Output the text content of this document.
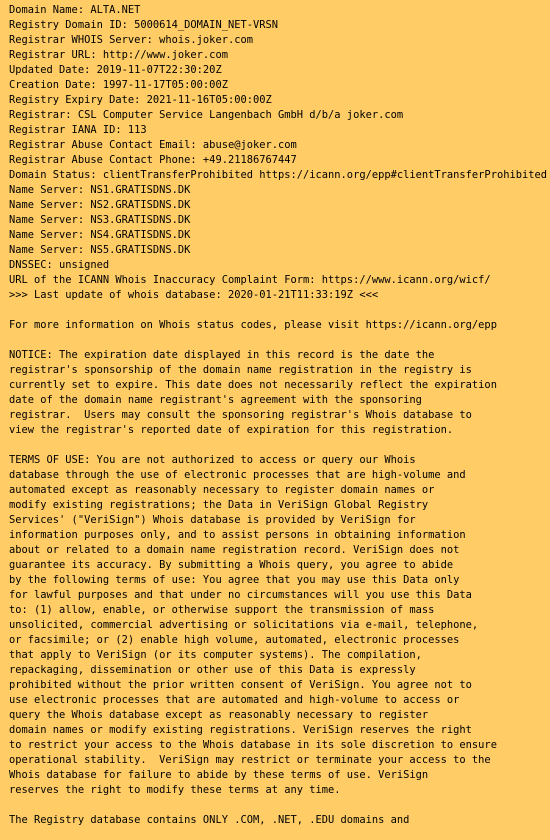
Domain Name: ALTA.NET
Registry Domain ID: 5000614_DOMAIN_NET-VRSN
Registrar WHOIS Server: whois.joker.com
Registrar URL: http://www.joker.com
Updated Date: 2019-11-07T22:30:20Z
Creation Date: 1997-11-17T05:00:00Z
Registry Expiry Date: 2021-11-16T05:00:00Z
Registrar: CSL Computer Service Langenbach GmbH d/b/a joker.com
Registrar IANA ID: 113
Registrar Abuse Contact Email: abuse@joker.com
Registrar Abuse Contact Phone: +49.21186767447
Domain Status: clientTransferProhibited https://icann.org/epp#clientTransferProhibited
Name Server: NS1.GRATISDNS.DK
Name Server: NS2.GRATISDNS.DK
Name Server: NS3.GRATISDNS.DK
Name Server: NS4.GRATISDNS.DK
Name Server: NS5.GRATISDNS.DK
DNSSEC: unsigned
URL of the ICANN Whois Inaccuracy Complaint Form: https://www.icann.org/wicf/
>>> Last update of whois database: 2020-01-21T11:33:19Z <<<
For more information on Whois status codes, please visit https://icann.org/epp
NOTICE: The expiration date displayed in this record is the date the
registrar's sponsorship of the domain name registration in the registry is
currently set to expire. This date does not necessarily reflect the expiration
date of the domain name registrant's agreement with the sponsoring
registrar.  Users may consult the sponsoring registrar's Whois database to
view the registrar's reported date of expiration for this registration.
TERMS OF USE: You are not authorized to access or query our Whois
database through the use of electronic processes that are high-volume and
automated except as reasonably necessary to register domain names or
modify existing registrations; the Data in VeriSign Global Registry
Services' ("VeriSign") Whois database is provided by VeriSign for
information purposes only, and to assist persons in obtaining information
about or related to a domain name registration record. VeriSign does not
guarantee its accuracy. By submitting a Whois query, you agree to abide
by the following terms of use: You agree that you may use this Data only
for lawful purposes and that under no circumstances will you use this Data
to: (1) allow, enable, or otherwise support the transmission of mass
unsolicited, commercial advertising or solicitations via e-mail, telephone,
or facsimile; or (2) enable high volume, automated, electronic processes
that apply to VeriSign (or its computer systems). The compilation,
repackaging, dissemination or other use of this Data is expressly
prohibited without the prior written consent of VeriSign. You agree not to
use electronic processes that are automated and high-volume to access or
query the Whois database except as reasonably necessary to register
domain names or modify existing registrations. VeriSign reserves the right
to restrict your access to the Whois database in its sole discretion to ensure
operational stability.  VeriSign may restrict or terminate your access to the
Whois database for failure to abide by these terms of use. VeriSign
reserves the right to modify these terms at any time.
The Registry database contains ONLY .COM, .NET, .EDU domains and
